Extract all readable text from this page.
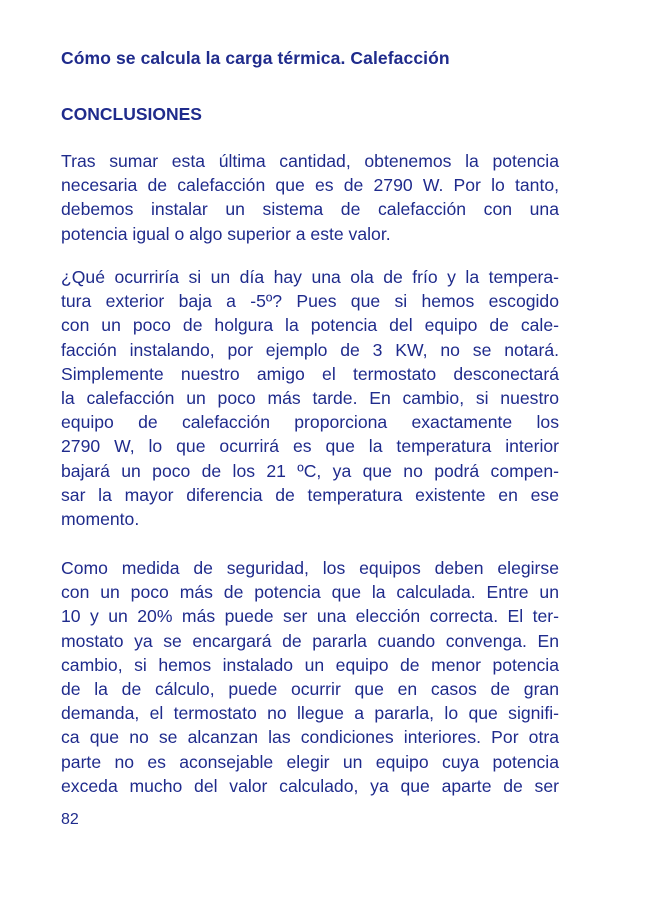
Cómo se calcula la carga térmica. Calefacción
CONCLUSIONES
Tras sumar esta última cantidad, obtenemos la potencia
necesaria de calefacción que es de 2790 W. Por lo tanto,
debemos instalar un sistema de calefacción con una
potencia igual o algo superior a este valor.
¿Qué ocurriría si un día hay una ola de frío y la tempera-
tura exterior baja a -5º? Pues que si hemos escogido
con un poco de holgura la potencia del equipo de cale-
facción instalando, por ejemplo de 3 KW, no se notará.
Simplemente nuestro amigo el termostato desconectará
la calefacción un poco más tarde. En cambio, si nuestro
equipo de calefacción proporciona exactamente los
2790 W, lo que ocurrirá es que la temperatura interior
bajará un poco de los 21 ºC, ya que no podrá compen-
sar la mayor diferencia de temperatura existente en ese
momento.
Como medida de seguridad, los equipos deben elegirse
con un poco más de potencia que la calculada. Entre un
10 y un 20% más puede ser una elección correcta. El ter-
mostato ya se encargará de pararla cuando convenga. En
cambio, si hemos instalado un equipo de menor potencia
de la de cálculo, puede ocurrir que en casos de gran
demanda, el termostato no llegue a pararla, lo que signifi-
ca que no se alcanzan las condiciones interiores. Por otra
parte no es aconsejable elegir un equipo cuya potencia
exceda mucho del valor calculado, ya que aparte de ser
82
